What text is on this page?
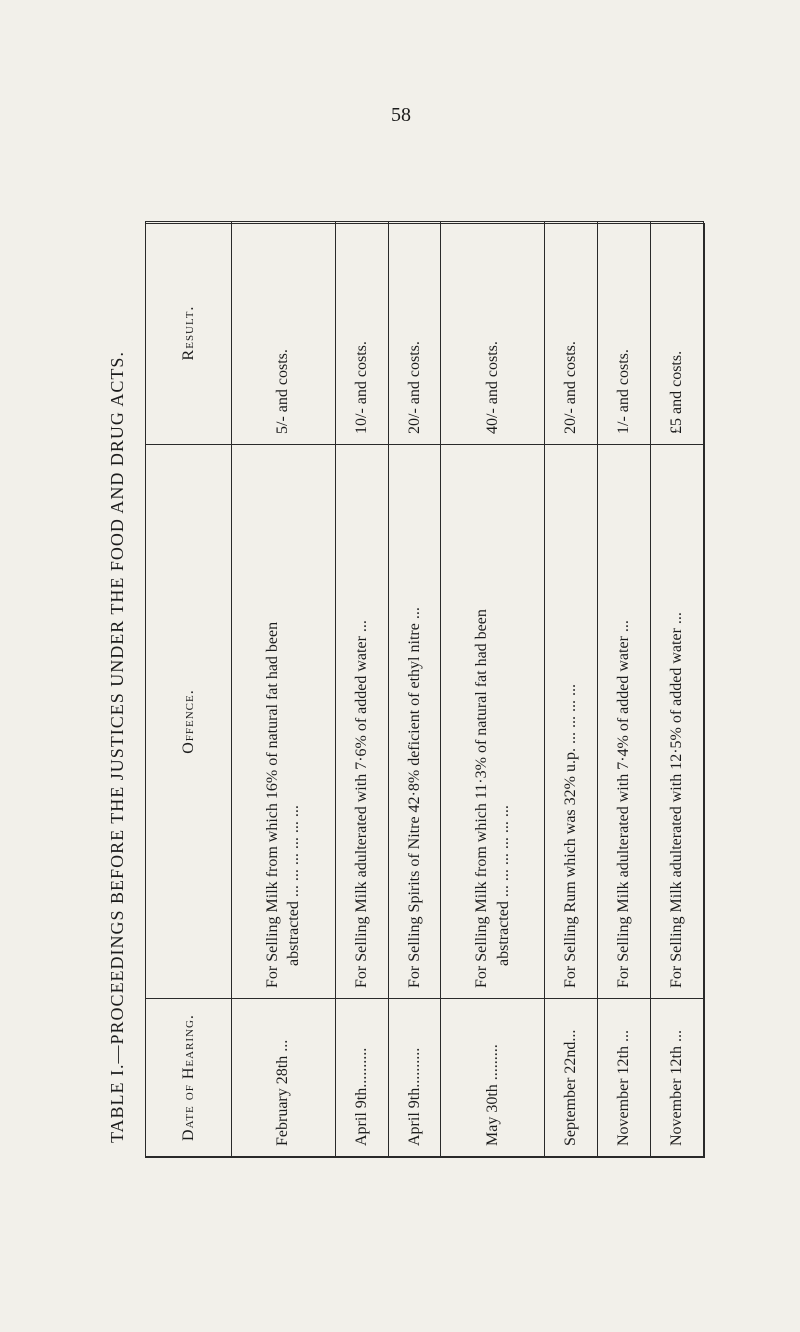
58
TABLE I.—PROCEEDINGS BEFORE THE JUSTICES UNDER THE FOOD AND DRUG ACTS.	Date of Hearing.	Offence.	Result.
February 28th ...	For Selling Milk from which 16% of natural fat had been abstracted ... ... ... ... ... ...	5/- and costs.
April 9th..........	For Selling Milk adulterated with 7·6% of added water ...	10/- and costs.
April 9th..........	For Selling Spirits of Nitre 42·8% deficient of ethyl nitre ...	20/- and costs.
May 30th .........	For Selling Milk from which 11·3% of natural fat had been abstracted ... ... ... ... ... ...	40/- and costs.
September 22nd...	For Selling Rum which was 32% u.p. ... ... ... ...	20/- and costs.
November 12th ...	For Selling Milk adulterated with 7·4% of added water ...	1/- and costs.
November 12th ...	For Selling Milk adulterated with 12·5% of added water ...	£5 and costs.
